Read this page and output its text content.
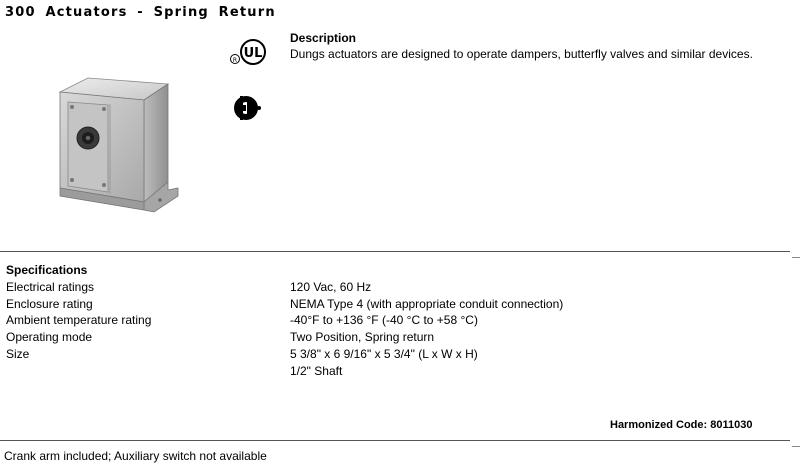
300 Actuators - Spring Return
UL
R
Description
Dungs actuators are designed to operate dampers, butterfly valves and similar devices.
Specifications
Electrical ratings	120 Vac, 60 Hz
Enclosure rating	NEMA Type 4 (with appropriate conduit connection)
Ambient temperature rating	-40°F to +136 °F (-40 °C to +58 °C)
Operating mode	Two Position, Spring return
Size	5 3/8" x 6 9/16" x 5 3/4" (L x W x H)
1/2" Shaft
Harmonized Code: 8011030
Crank arm included; Auxiliary switch not available
